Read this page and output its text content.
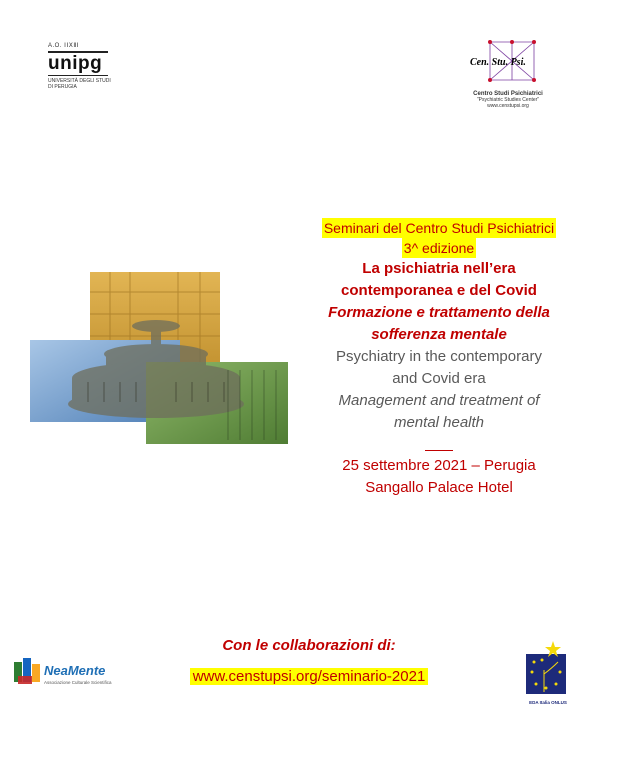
A.O. ⅠⅠⅩⅡⅠ
unipg
UNIVERSITÀ DEGLI STUDI
DI PERUGIA
Cen. Stu. Psi.
Centro Studi Psichiatrici
"Psychiatric Studies Center"
www.censtupsi.org
Seminari del Centro Studi Psichiatrici
3^ edizione
La psichiatria nell’era
contemporanea e del Covid
Formazione e trattamento della
sofferenza mentale
Psychiatry in the contemporary
and Covid era
Management and treatment of
mental health
25 settembre 2021 – Perugia
Sangallo Palace Hotel
Con le collaborazioni di:
www.censtupsi.org/seminario-2021
NeaMente
Associazione Culturale Scientifica
EDA Italia ONLUS
